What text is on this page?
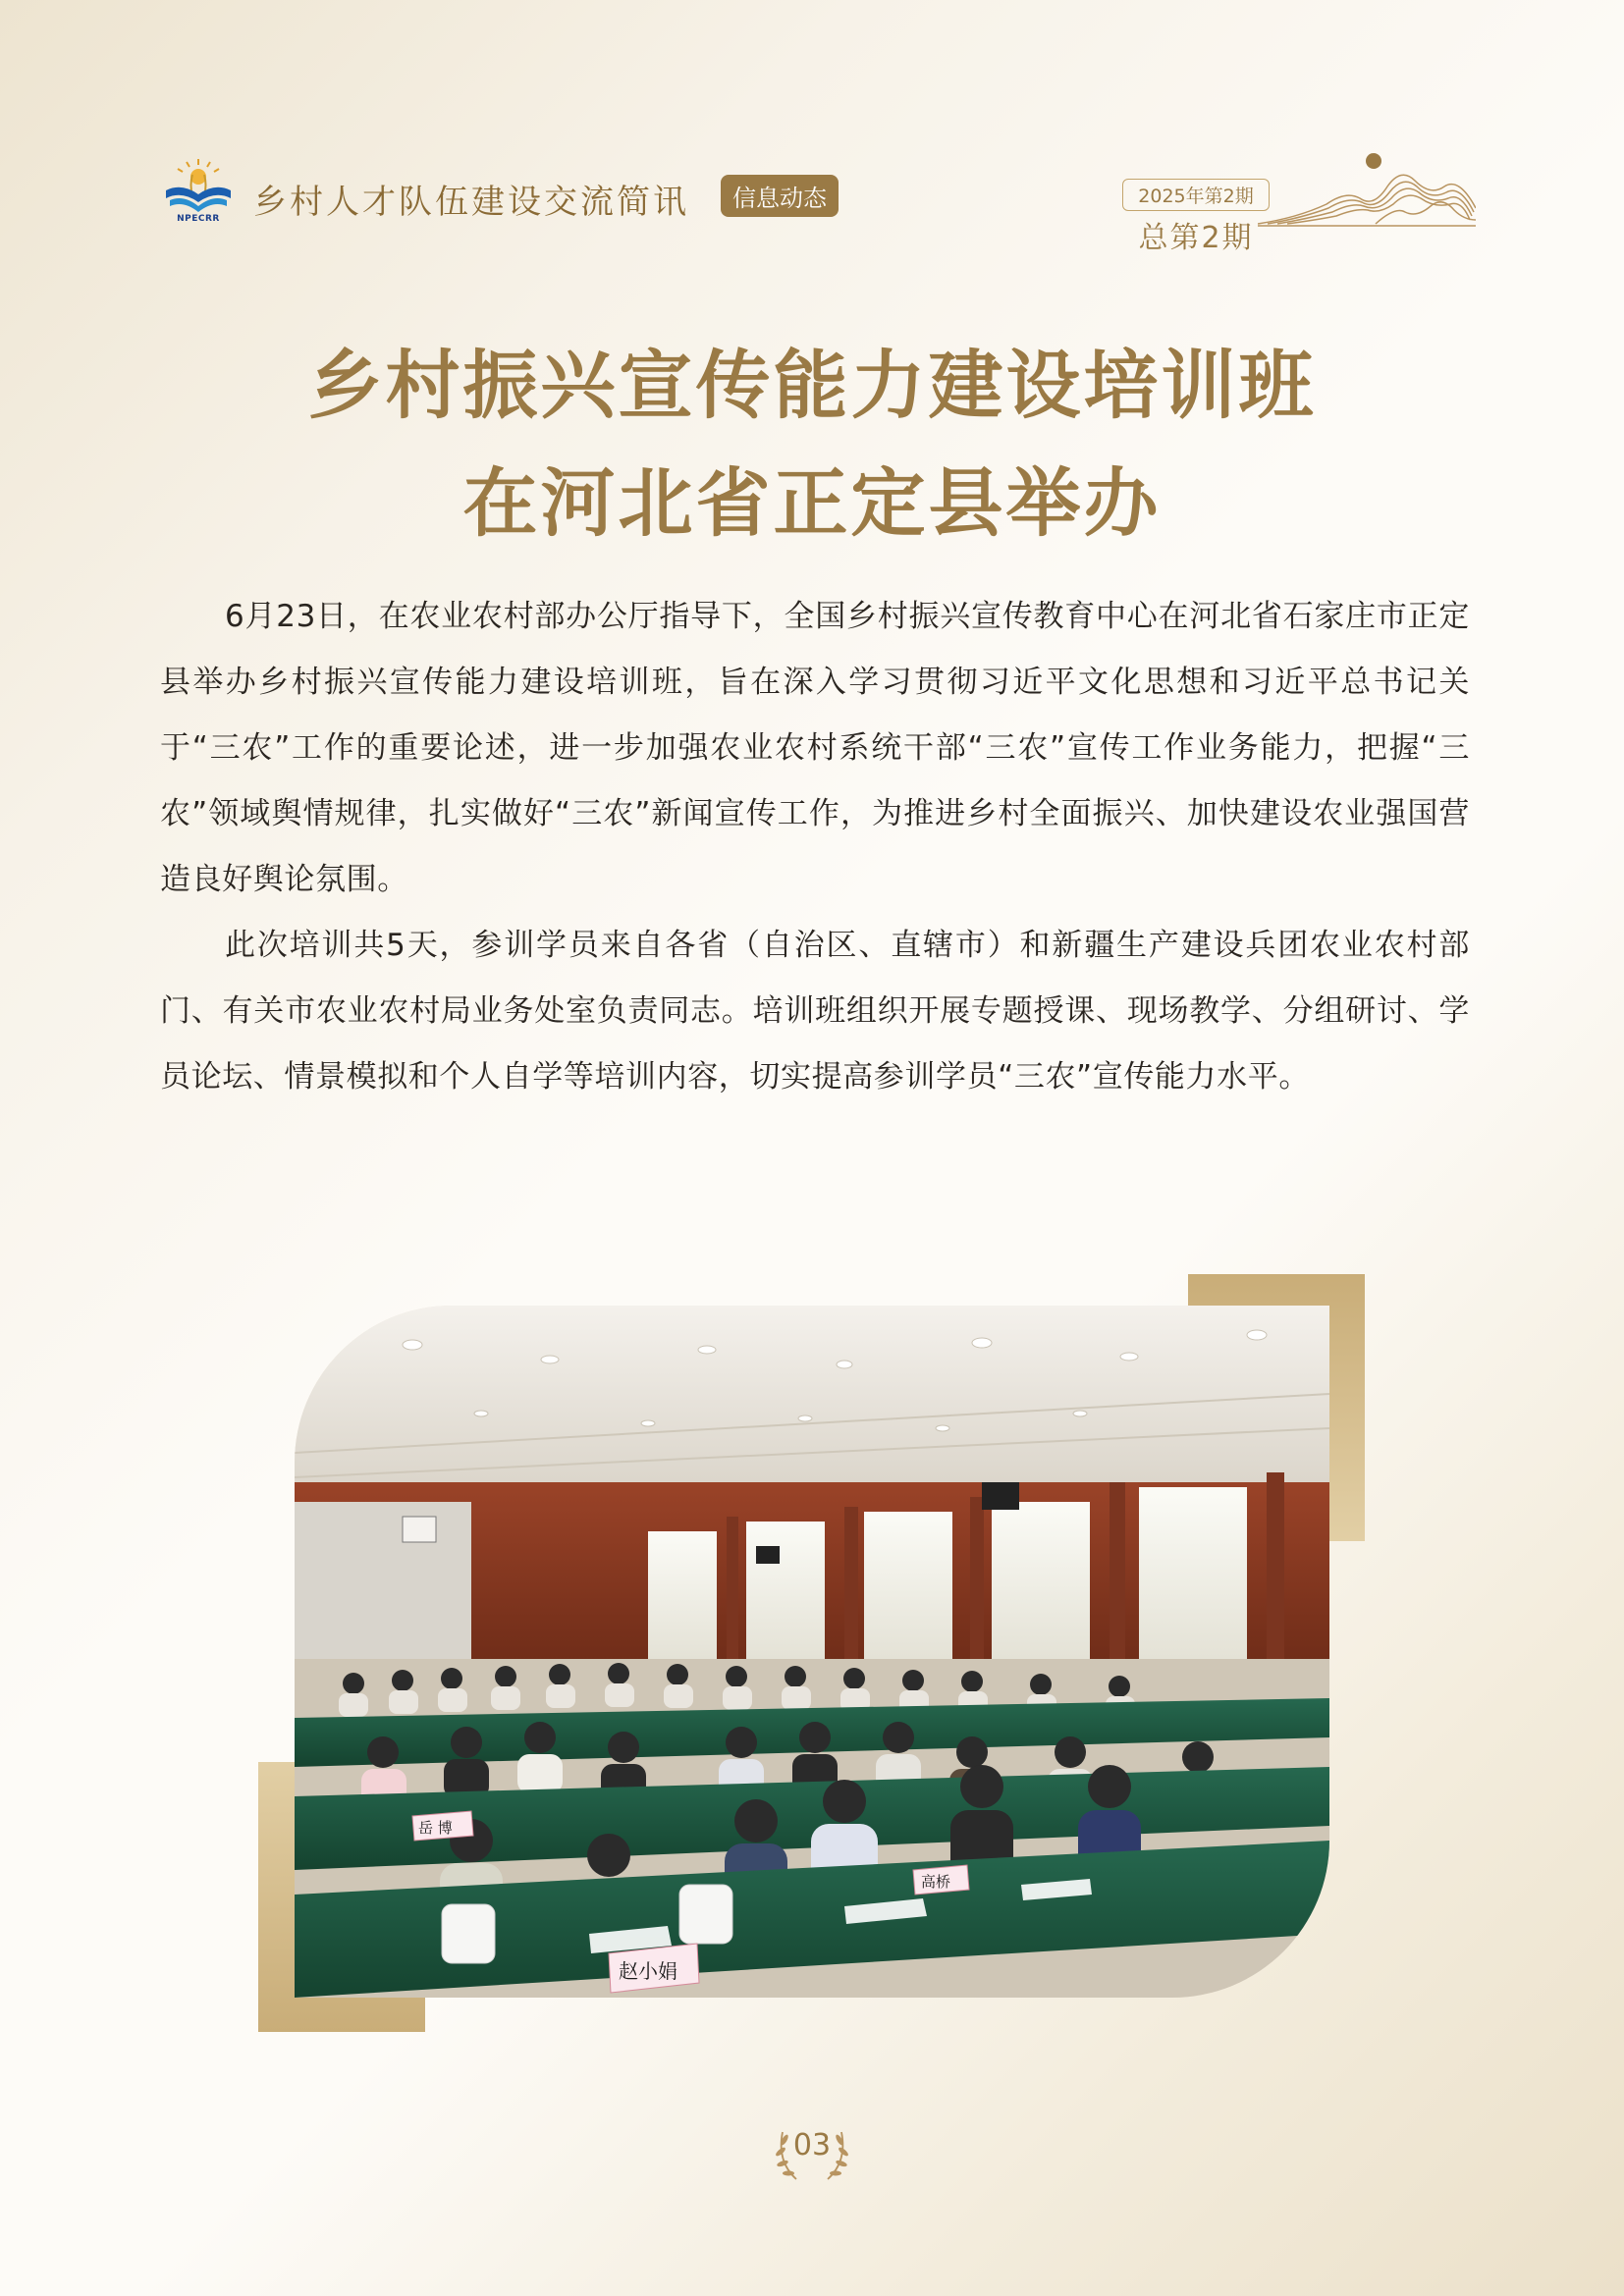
NPECRR	乡村人才队伍建设交流简讯	信息动态	2025年第2期
总第2期
乡村振兴宣传能力建设培训班
在河北省正定县举办

6月23日，在农业农村部办公厅指导下，全国乡村振兴宣传教育中心在河北省石家庄市正定县举办乡村振兴宣传能力建设培训班，旨在深入学习贯彻习近平文化思想和习近平总书记关于“三农”工作的重要论述，进一步加强农业农村系统干部“三农”宣传工作业务能力，把握“三农”领域舆情规律，扎实做好“三农”新闻宣传工作，为推进乡村全面振兴、加快建设农业强国营造良好舆论氛围。

此次培训共5天，参训学员来自各省（自治区、直辖市）和新疆生产建设兵团农业农村部门、有关市农业农村局业务处室负责同志。培训班组织开展专题授课、现场教学、分组研讨、学员论坛、情景模拟和个人自学等培训内容，切实提高参训学员“三农”宣传能力水平。

赵小娟
岳 博
高桥
03
